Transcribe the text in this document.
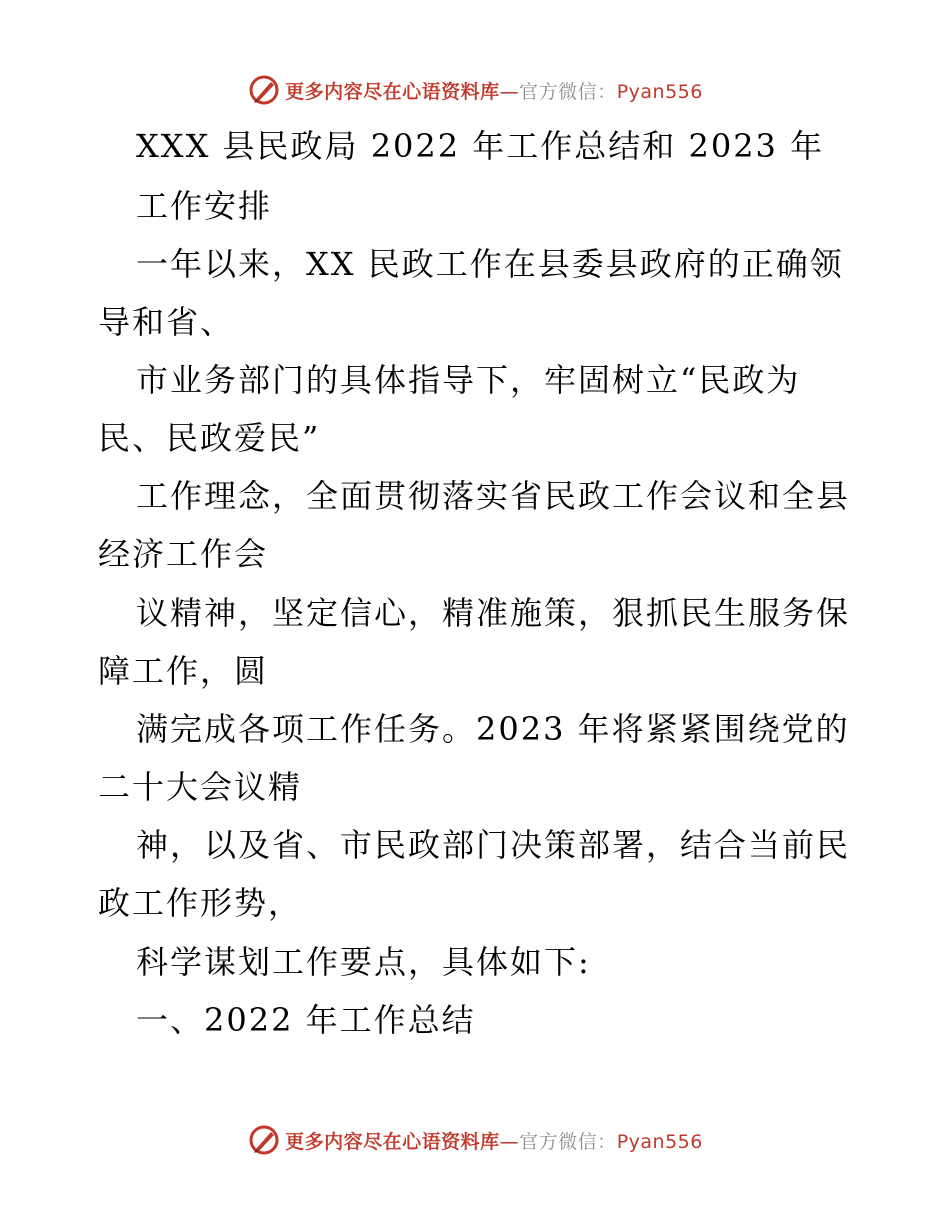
更多内容尽在心语资料库—官方微信：Pyan556
XXX 县民政局 2022 年工作总结和 2023 年
工作安排
一年以来，XX 民政工作在县委县政府的正确领
导和省、
市业务部门的具体指导下，牢固树立“民政为
民、民政爱民”
工作理念，全面贯彻落实省民政工作会议和全县
经济工作会
议精神，坚定信心，精准施策，狠抓民生服务保
障工作，圆
满完成各项工作任务。2023 年将紧紧围绕党的
二十大会议精
神，以及省、市民政部门决策部署，结合当前民
政工作形势，
科学谋划工作要点，具体如下:
一、2022 年工作总结
更多内容尽在心语资料库—官方微信：Pyan556
